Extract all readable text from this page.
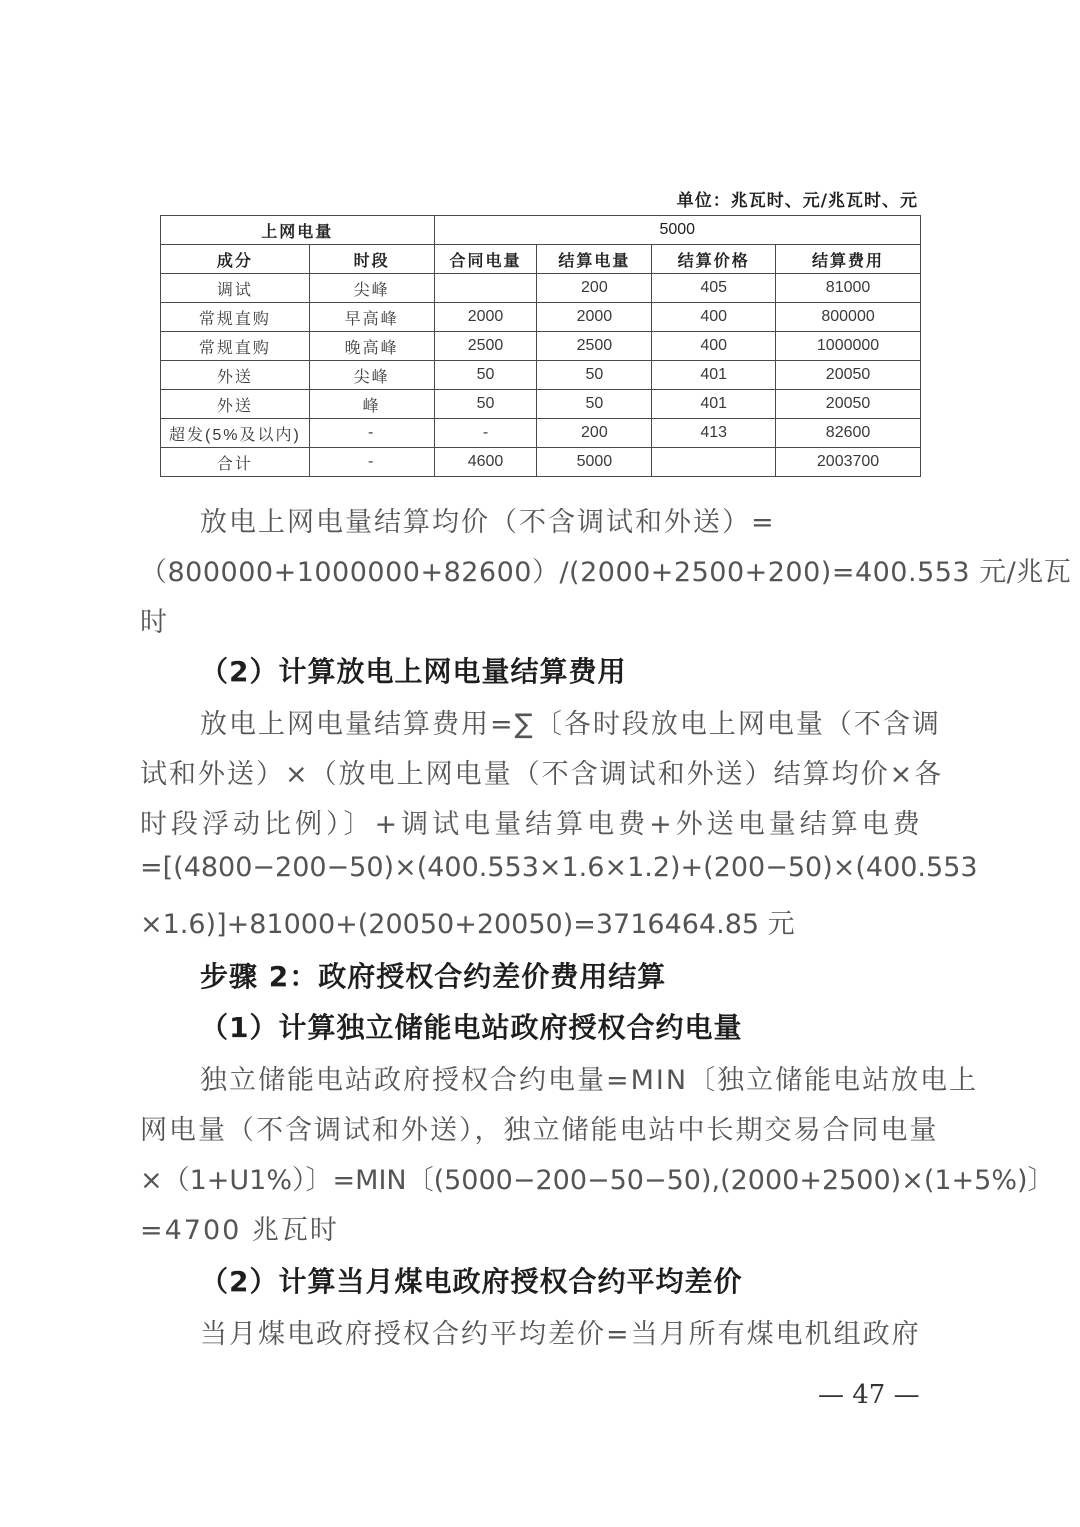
单位：兆瓦时、元/兆瓦时、元
上网电量		5000			
成分	时段	合同电量	结算电量	结算价格	结算费用
调试	尖峰		200	405	81000
常规直购	早高峰	2000	2000	400	800000
常规直购	晚高峰	2500	2500	400	1000000
外送	尖峰	50	50	401	20050
外送	峰	50	50	401	20050
超发(5%及以内)	-	-	200	413	82600
合计	-	4600	5000		2003700
放电上网电量结算均价（不含调试和外送）=
（800000+1000000+82600）/(2000+2500+200)=400.553 元/兆瓦
时
（2）计算放电上网电量结算费用
放电上网电量结算费用=∑〔各时段放电上网电量（不含调
试和外送）×（放电上网电量（不含调试和外送）结算均价×各
时段浮动比例）〕+调试电量结算电费+外送电量结算电费
=[(4800−200−50)×(400.553×1.6×1.2)+(200−50)×(400.553
×1.6)]+81000+(20050+20050)=3716464.85 元
步骤 2：政府授权合约差价费用结算
（1）计算独立储能电站政府授权合约电量
独立储能电站政府授权合约电量=MIN〔独立储能电站放电上
网电量（不含调试和外送），独立储能电站中长期交易合同电量
×（1+U1%）〕=MIN〔(5000−200−50−50),(2000+2500)×(1+5%)〕
=4700 兆瓦时
（2）计算当月煤电政府授权合约平均差价
当月煤电政府授权合约平均差价=当月所有煤电机组政府
— 47 —
